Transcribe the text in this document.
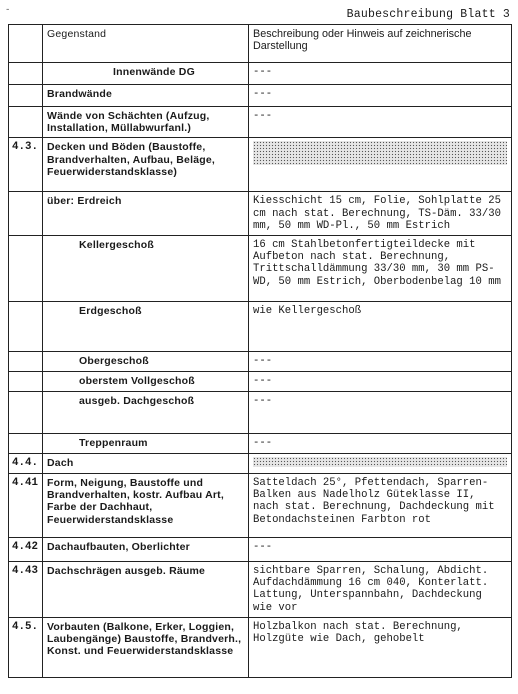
-	Baubeschreibung Blatt 3
	Gegenstand	Beschreibung oder Hinweis auf zeichnerische Darstellung
	Innenwände DG	---
	Brandwände	---
	Wände von Schächten (Aufzug, Installation, Müllabwurfanl.)	---
4.3.	Decken und Böden (Baustoffe, Brandverhalten, Aufbau, Beläge, Feuerwiderstandsklasse)	

	über: Erdreich	Kiesschicht 15 cm, Folie, Sohlplatte 25 cm nach stat. Berechnung, TS-Däm. 33/30 mm, 50 mm WD-Pl., 50 mm Estrich
	Kellergeschoß	16 cm Stahlbetonfertigteildecke mit Aufbeton nach stat. Berechnung, Trittschalldämmung 33/30 mm, 30 mm PS-WD, 50 mm Estrich, Oberbodenbelag 10 mm
	Erdgeschoß	wie Kellergeschoß
	Obergeschoß	---
	oberstem Vollgeschoß	---
	ausgeb. Dachgeschoß	---
	Treppenraum	---
4.4.	Dach	

4.41	Form, Neigung, Baustoffe und Brandverhalten, kostr. Aufbau Art, Farbe der Dachhaut, Feuerwiderstandsklasse	Satteldach 25°, Pfettendach, Sparren-Balken aus Nadelholz Güteklasse II, nach stat. Berechnung, Dachdeckung mit Betondachsteinen Farbton rot
4.42	Dachaufbauten, Oberlichter	---
4.43	Dachschrägen ausgeb. Räume	sichtbare Sparren, Schalung, Abdicht. Aufdachdämmung 16 cm 040, Konterlatt. Lattung, Unterspannbahn, Dachdeckung wie vor
4.5.	Vorbauten (Balkone, Erker, Loggien, Laubengänge) Baustoffe, Brandverh., Konst. und Feuerwiderstandsklasse	Holzbalkon nach stat. Berechnung, Holzgüte wie Dach, gehobelt
